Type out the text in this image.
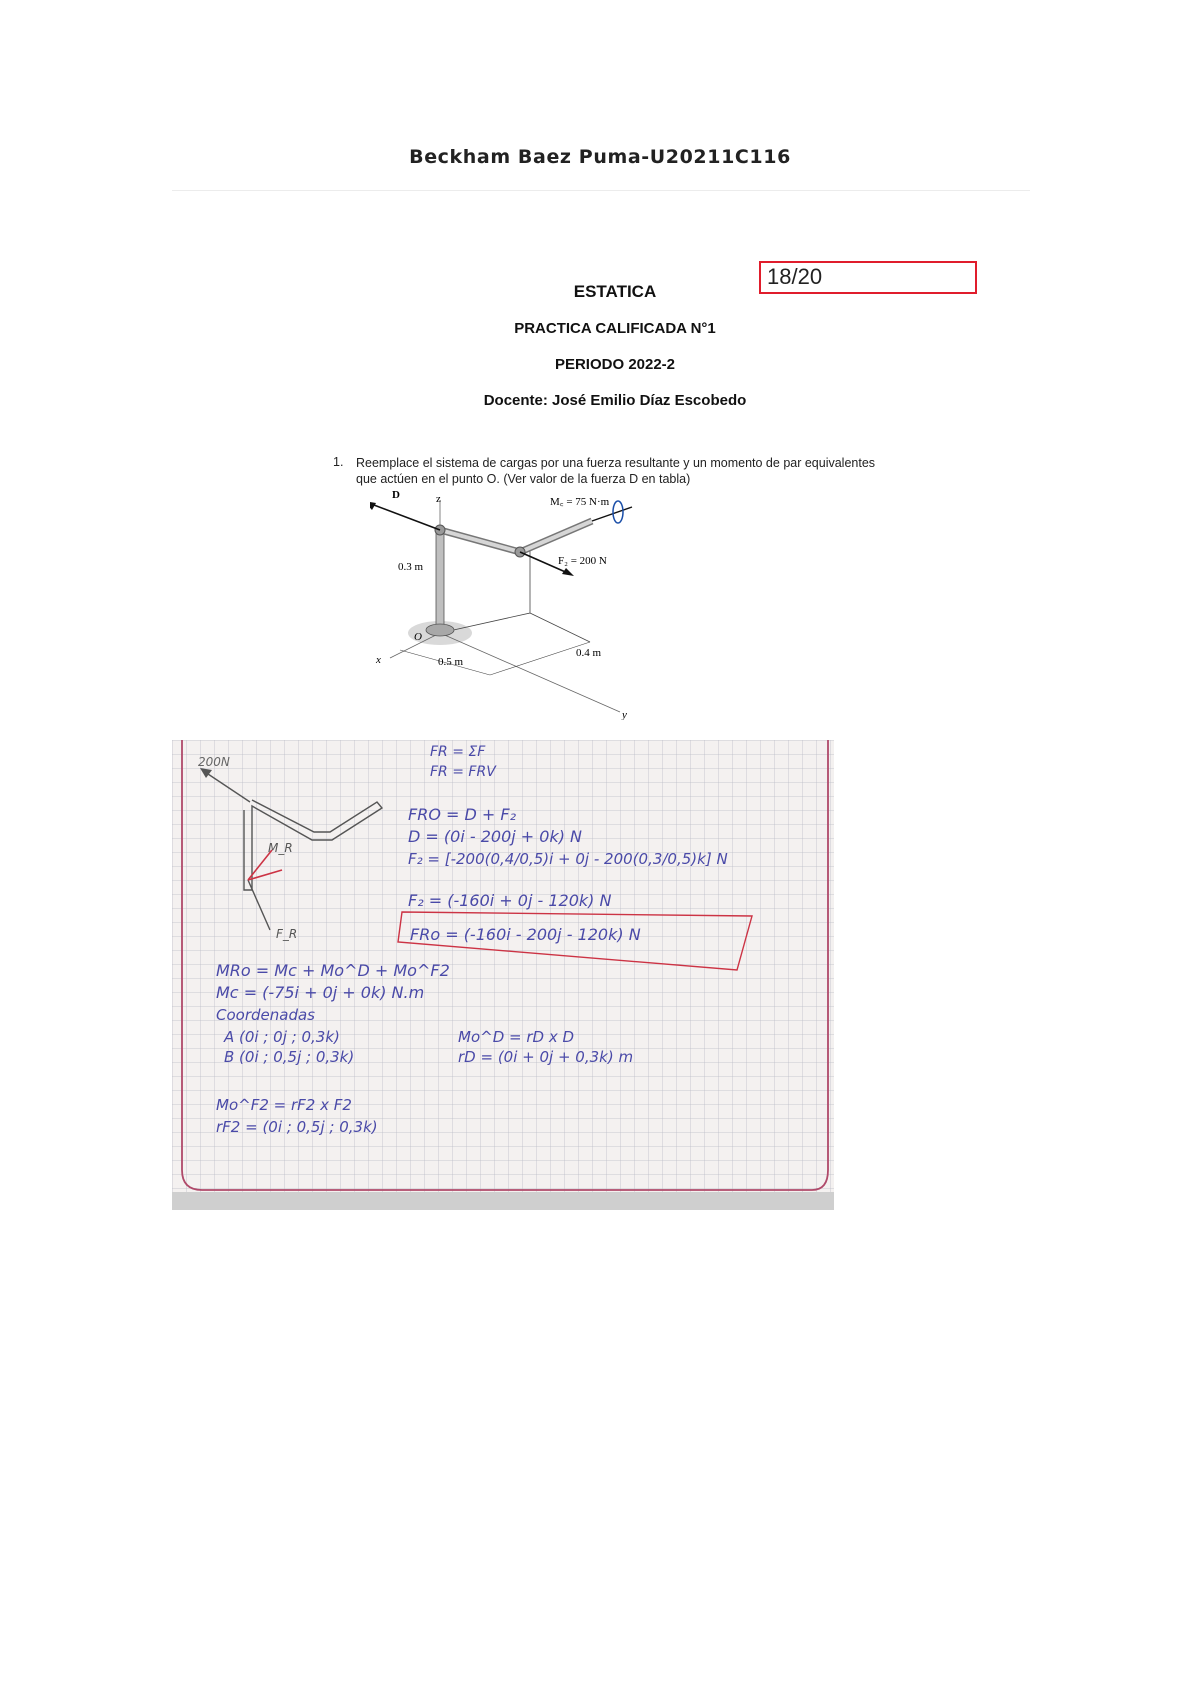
Beckham Baez Puma-U20211C116
ESTATICA
18/20
PRACTICA CALIFICADA N°1
PERIODO 2022-2
Docente: José Emilio Díaz Escobedo
1. Reemplace el sistema de cargas por una fuerza resultante y un momento de par equivalentes
que actúen en el punto O. (Ver valor de la fuerza D en tabla)
z
x
y
D
F₂ = 200 N
M꜀ = 75 N·m
0.3 m
O
0.5 m
0.4 m
200N
M_R
F_R
FR = ΣF
FR = FRV
FRO = D + F₂
D = (0i - 200j + 0k) N
F₂ = [-200(0,4/0,5)i + 0j - 200(0,3/0,5)k] N
F₂ = (-160i + 0j - 120k) N
FRo = (-160i - 200j - 120k) N
MRo = Mc + Mo^D + Mo^F2
Mc = (-75i + 0j + 0k) N.m
Coordenadas
A (0i ; 0j ; 0,3k)
B (0i ; 0,5j ; 0,3k)
Mo^D = rD x D
rD = (0i + 0j + 0,3k) m
Mo^F2 = rF2 x F2
rF2 = (0i ; 0,5j ; 0,3k)
